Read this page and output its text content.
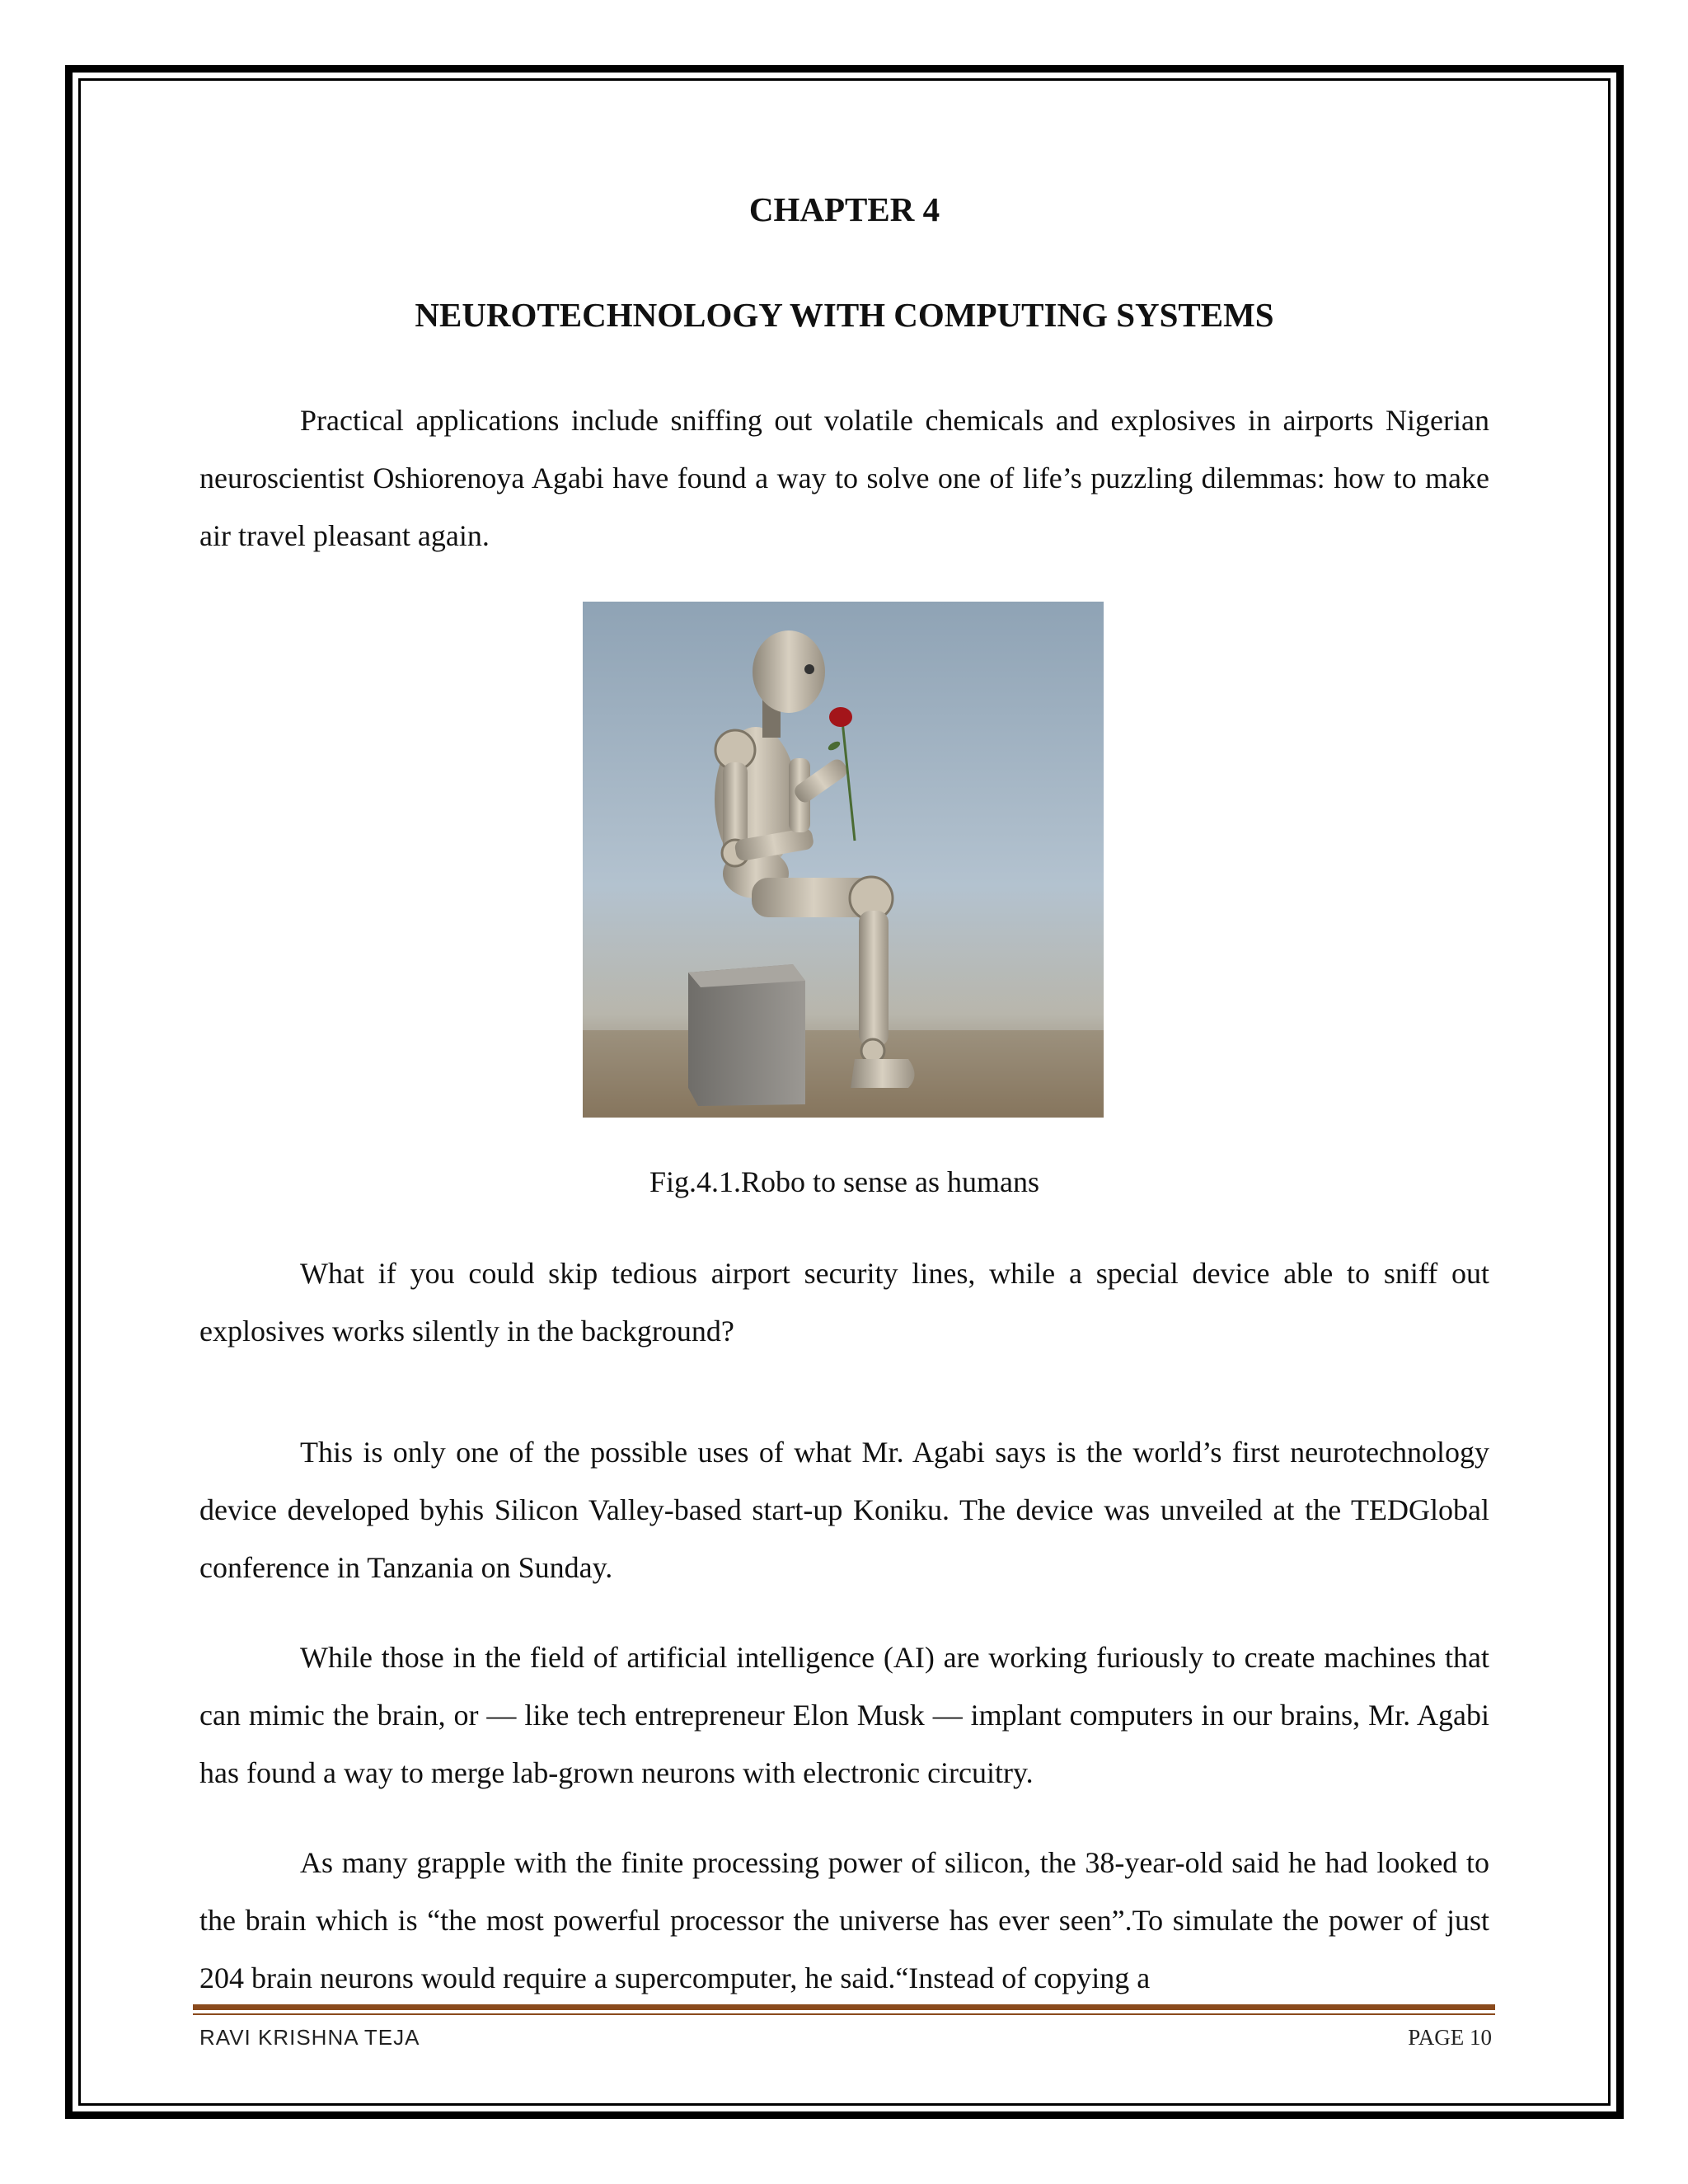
CHAPTER 4
NEUROTECHNOLOGY WITH COMPUTING SYSTEMS

Practical applications include sniffing out volatile chemicals and explosives in airports Nigerian neuroscientist Oshiorenoya Agabi have found a way to solve one of life’s puzzling dilemmas: how to make air travel pleasant again.

Fig.4.1.Robo to sense as humans

What if you could skip tedious airport security lines, while a special device able to sniff out explosives works silently in the background?

This is only one of the possible uses of what Mr. Agabi says is the world’s first neurotechnology device developed byhis Silicon Valley-based start-up Koniku. The device was unveiled at the TEDGlobal conference in Tanzania on Sunday.

While those in the field of artificial intelligence (AI) are working furiously to create machines that can mimic the brain, or — like tech entrepreneur Elon Musk — implant computers in our brains, Mr. Agabi has found a way to merge lab-grown neurons with electronic circuitry.

As many grapple with the finite processing power of silicon, the 38-year-old said he had looked to the brain which is “the most powerful processor the universe has ever seen”.To simulate the power of just 204 brain neurons would require a supercomputer, he said.“Instead of copying a

RAVI KRISHNA TEJA	PAGE 10
